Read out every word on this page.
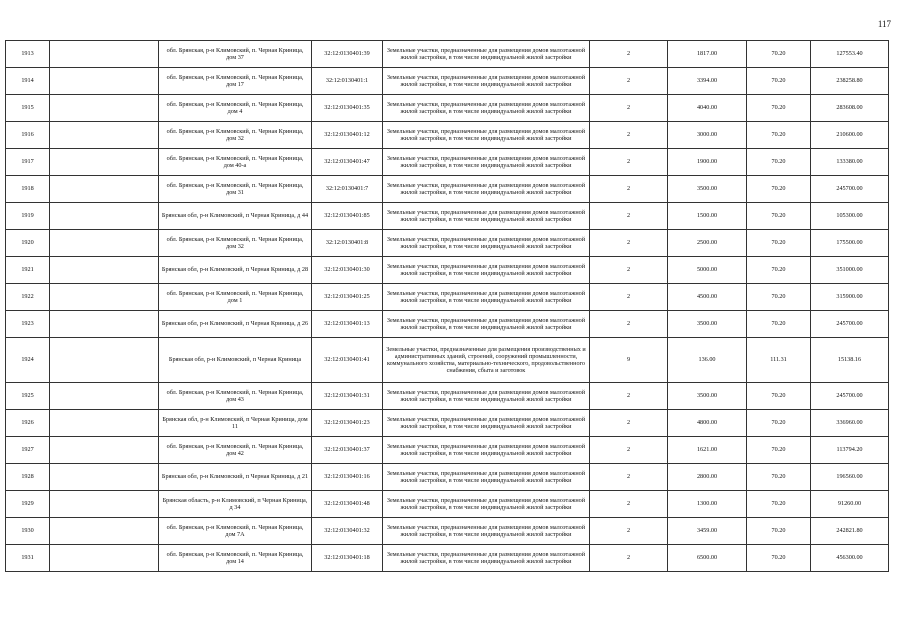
117
1913		обл. Брянская, р-н Климовский, п. Черная Криница, дом 37	32:12:0130401:39	Земельные участки, предназначенные для размещения домов малоэтажной жилой застройки, в том числе индивидуальной жилой застройки	2	1817.00	70.20	127553.40
1914		обл. Брянская, р-н Климовский, п. Черная Криница, дом 17	32:12:0130401:1	Земельные участки, предназначенные для размещения домов малоэтажной жилой застройки, в том числе индивидуальной жилой застройки	2	3394.00	70.20	238258.80
1915		обл. Брянская, р-н Климовский, п. Черная Криница, дом 4	32:12:0130401:35	Земельные участки, предназначенные для размещения домов малоэтажной жилой застройки, в том числе индивидуальной жилой застройки	2	4040.00	70.20	283608.00
1916		обл. Брянская, р-н Климовский, п. Черная Криница, дом 32	32:12:0130401:12	Земельные участки, предназначенные для размещения домов малоэтажной жилой застройки, в том числе индивидуальной жилой застройки	2	3000.00	70.20	210600.00
1917		обл. Брянская, р-н Климовский, п. Черная Криница, дом 40-а	32:12:0130401:47	Земельные участки, предназначенные для размещения домов малоэтажной жилой застройки, в том числе индивидуальной жилой застройки	2	1900.00	70.20	133380.00
1918		обл. Брянская, р-н Климовский, п. Черная Криница, дом 31	32:12:0130401:7	Земельные участки, предназначенные для размещения домов малоэтажной жилой застройки, в том числе индивидуальной жилой застройки	2	3500.00	70.20	245700.00
1919		Брянская обл, р-н Климовский, п Черная Криница, д 44	32:12:0130401:85	Земельные участки, предназначенные для размещения домов малоэтажной жилой застройки, в том числе индивидуальной жилой застройки	2	1500.00	70.20	105300.00
1920		обл. Брянская, р-н Климовский, п. Черная Криница, дом 32	32:12:0130401:8	Земельные участки, предназначенные для размещения домов малоэтажной жилой застройки, в том числе индивидуальной жилой застройки	2	2500.00	70.20	175500.00
1921		Брянская обл, р-н Климовский, п Черная Криница, д 28	32:12:0130401:30	Земельные участки, предназначенные для размещения домов малоэтажной жилой застройки, в том числе индивидуальной жилой застройки	2	5000.00	70.20	351000.00
1922		обл. Брянская, р-н Климовский, п. Черная Криница, дом 1	32:12:0130401:25	Земельные участки, предназначенные для размещения домов малоэтажной жилой застройки, в том числе индивидуальной жилой застройки	2	4500.00	70.20	315900.00
1923		Брянская обл, р-н Климовский, п Черная Криница, д 26	32:12:0130401:13	Земельные участки, предназначенные для размещения домов малоэтажной жилой застройки, в том числе индивидуальной жилой застройки	2	3500.00	70.20	245700.00
1924		Брянская обл, р-н Климовский, п Черная Криница	32:12:0130401:41	Земельные участки, предназначенные для размещения производственных и административных зданий, строений, сооружений промышленности, коммунального хозяйства, материально-технического, продовольственного снабжения, сбыта и заготовок	9	136.00	111.31	15138.16
1925		обл. Брянская, р-н Климовский, п. Черная Криница, дом 43	32:12:0130401:31	Земельные участки, предназначенные для размещения домов малоэтажной жилой застройки, в том числе индивидуальной жилой застройки	2	3500.00	70.20	245700.00
1926		Брянская обл, р-н Климовский, п Черная Криница, дом 11	32:12:0130401:23	Земельные участки, предназначенные для размещения домов малоэтажной жилой застройки, в том числе индивидуальной жилой застройки	2	4800.00	70.20	336960.00
1927		обл. Брянская, р-н Климовский, п. Черная Криница, дом 42	32:12:0130401:37	Земельные участки, предназначенные для размещения домов малоэтажной жилой застройки, в том числе индивидуальной жилой застройки	2	1621.00	70.20	113794.20
1928		Брянская обл, р-н Климовский, п Черная Криница, д 21	32:12:0130401:16	Земельные участки, предназначенные для размещения домов малоэтажной жилой застройки, в том числе индивидуальной жилой застройки	2	2800.00	70.20	196560.00
1929		Брянская область, р-н Климовский, п Черная Криница, д 34	32:12:0130401:48	Земельные участки, предназначенные для размещения домов малоэтажной жилой застройки, в том числе индивидуальной жилой застройки	2	1300.00	70.20	91260.00
1930		обл. Брянская, р-н Климовский, п. Черная Криница, дом 7А	32:12:0130401:32	Земельные участки, предназначенные для размещения домов малоэтажной жилой застройки, в том числе индивидуальной жилой застройки	2	3459.00	70.20	242821.80
1931		обл. Брянская, р-н Климовский, п. Черная Криница, дом 14	32:12:0130401:18	Земельные участки, предназначенные для размещения домов малоэтажной жилой застройки, в том числе индивидуальной жилой застройки	2	6500.00	70.20	456300.00
